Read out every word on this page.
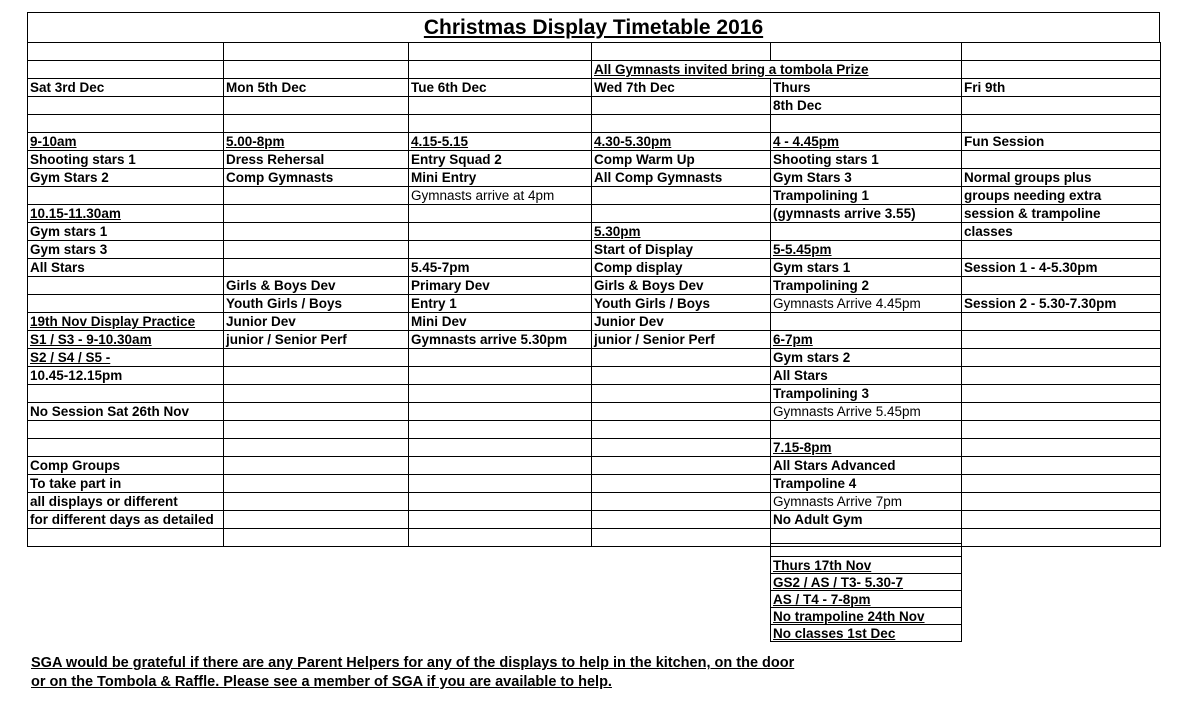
Christmas Display Timetable 2016

			All Gymnasts invited bring a tombola Prize		
Sat 3rd Dec	Mon 5th Dec	Tue 6th Dec	Wed 7th Dec	Thurs	Fri 9th
				8th Dec	

9-10am	5.00-8pm	4.15-5.15	4.30-5.30pm	4 - 4.45pm	Fun Session
Shooting stars 1	Dress Rehersal	Entry Squad 2	Comp Warm Up	Shooting stars 1	
Gym Stars 2	Comp Gymnasts	Mini Entry	All Comp Gymnasts	Gym Stars 3	Normal groups plus
		Gymnasts arrive at 4pm		Trampolining 1	groups needing extra
10.15-11.30am				(gymnasts arrive 3.55)	session & trampoline
Gym stars 1			5.30pm		classes
Gym stars 3			Start of Display	5-5.45pm	
All Stars		5.45-7pm	Comp display	Gym stars 1	Session 1 - 4-5.30pm
	Girls & Boys Dev	Primary Dev	Girls & Boys Dev	Trampolining 2	
	Youth Girls / Boys	Entry 1	Youth Girls / Boys	Gymnasts Arrive 4.45pm	Session 2 - 5.30-7.30pm
19th Nov Display Practice	Junior Dev	Mini Dev	Junior Dev		
S1 / S3 - 9-10.30am	junior / Senior Perf	Gymnasts arrive 5.30pm	junior / Senior Perf	6-7pm	
S2 / S4 / S5 -				Gym stars 2	
10.45-12.15pm				All Stars	
				Trampolining 3	
No Session Sat 26th Nov				Gymnasts Arrive 5.45pm	

				7.15-8pm	
Comp Groups				All Stars Advanced	
To take part in				Trampoline 4	
all displays or different				Gymnasts Arrive 7pm	
for different days as detailed				No Adult Gym	

Thurs 17th Nov
GS2 / AS / T3- 5.30-7
AS / T4 - 7-8pm
No trampoline 24th Nov
No classes 1st Dec
SGA would be grateful if there are any Parent Helpers for any of the displays to help in the kitchen, on the door
or on the Tombola & Raffle. Please see a member of SGA if you are available to help.
